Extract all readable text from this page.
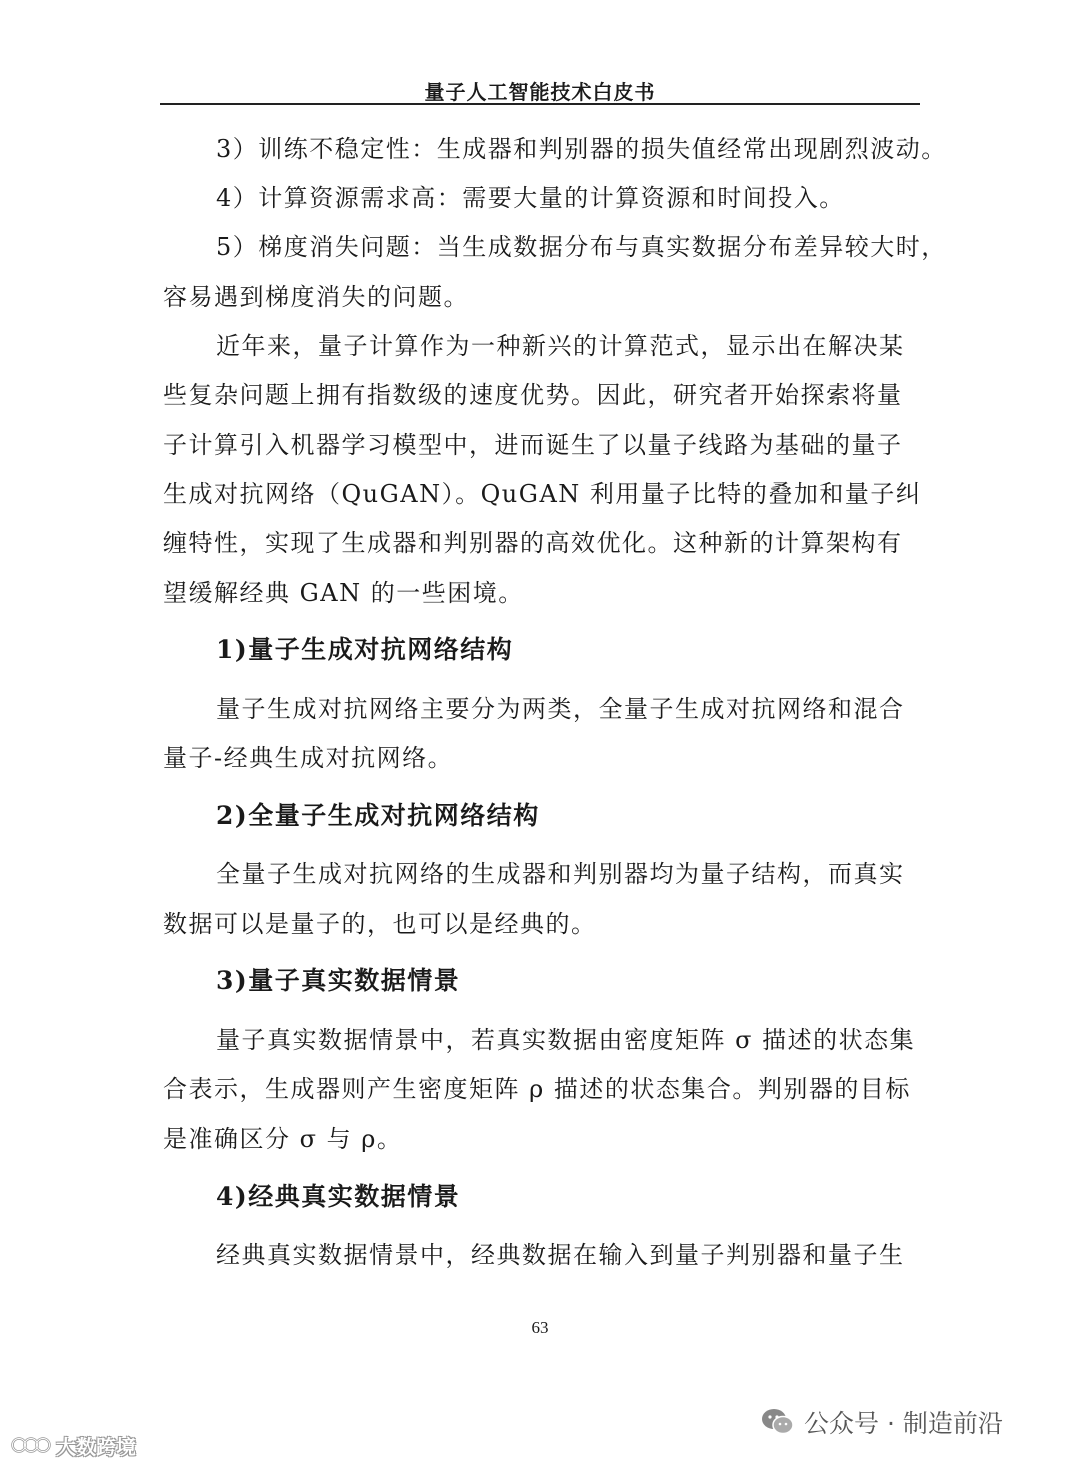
量子人工智能技术白皮书
3）训练不稳定性：生成器和判别器的损失值经常出现剧烈波动。
4）计算资源需求高：需要大量的计算资源和时间投入。
5）梯度消失问题：当生成数据分布与真实数据分布差异较大时，
容易遇到梯度消失的问题。
近年来，量子计算作为一种新兴的计算范式，显示出在解决某
些复杂问题上拥有指数级的速度优势。因此，研究者开始探索将量
子计算引入机器学习模型中，进而诞生了以量子线路为基础的量子
生成对抗网络（QuGAN）。QuGAN 利用量子比特的叠加和量子纠
缠特性，实现了生成器和判别器的高效优化。这种新的计算架构有
望缓解经典 GAN 的一些困境。
1)量子生成对抗网络结构
量子生成对抗网络主要分为两类，全量子生成对抗网络和混合
量子-经典生成对抗网络。
2)全量子生成对抗网络结构
全量子生成对抗网络的生成器和判别器均为量子结构，而真实
数据可以是量子的，也可以是经典的。
3)量子真实数据情景
量子真实数据情景中，若真实数据由密度矩阵 σ 描述的状态集
合表示，生成器则产生密度矩阵 ρ 描述的状态集合。判别器的目标
是准确区分 σ 与 ρ。
4)经典真实数据情景
经典真实数据情景中，经典数据在输入到量子判别器和量子生
63
公众号 · 制造前沿
大数跨境
